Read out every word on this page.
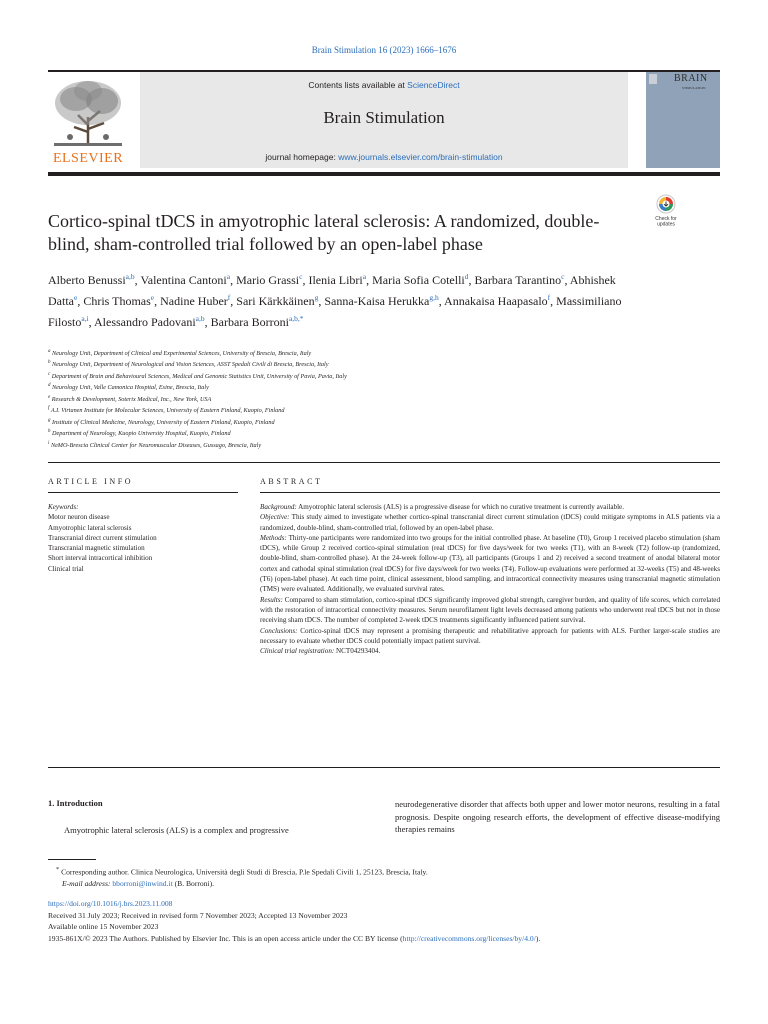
Brain Stimulation 16 (2023) 1666–1676
ELSEVIER
Contents lists available at ScienceDirect
Brain Stimulation
journal homepage: www.journals.elsevier.com/brain-stimulation
BRAIN
STIMULATION
Cortico-spinal tDCS in amyotrophic lateral sclerosis: A randomized, double-blind, sham-controlled trial followed by an open-label phase
Check for
updates
Alberto Benussi$^{a,b}$, Valentina Cantoni$^a$, Mario Grassi$^c$, Ilenia Libri$^a$, Maria Sofia Cotelli$^d$, Barbara Tarantino$^c$, Abhishek Datta$^e$, Chris Thomas$^e$, Nadine Huber$^f$, Sari Kärkkäinen$^g$, Sanna-Kaisa Herukka$^{g,h}$, Annakaisa Haapasalo$^f$, Massimiliano Filosto$^{a,i}$, Alessandro Padovani$^{a,b}$, Barbara Borroni$^{a,b,*}$
$^a$ Neurology Unit, Department of Clinical and Experimental Sciences, University of Brescia, Brescia, Italy
$^b$ Neurology Unit, Department of Neurological and Vision Sciences, ASST Spedali Civili di Brescia, Brescia, Italy
$^c$ Department of Brain and Behavioural Sciences, Medical and Genomic Statistics Unit, University of Pavia, Pavia, Italy
$^d$ Neurology Unit, Valle Camonica Hospital, Esine, Brescia, Italy
$^e$ Research & Development, Soterix Medical, Inc., New York, USA
$^f$ A.I. Virtanen Institute for Molecular Sciences, University of Eastern Finland, Kuopio, Finland
$^g$ Institute of Clinical Medicine, Neurology, University of Eastern Finland, Kuopio, Finland
$^h$ Department of Neurology, Kuopio University Hospital, Kuopio, Finland
$^i$ NeMO-Brescia Clinical Center for Neuromuscular Diseases, Gussago, Brescia, Italy
ARTICLE INFO	ABSTRACT
Keywords:
Motor neuron disease
Amyotrophic lateral sclerosis
Transcranial direct current stimulation
Transcranial magnetic stimulation
Short interval intracortical inhibition
Clinical trial
Background: Amyotrophic lateral sclerosis (ALS) is a progressive disease for which no curative treatment is currently available.
Objective: This study aimed to investigate whether cortico-spinal transcranial direct current stimulation (tDCS) could mitigate symptoms in ALS patients via a randomized, double-blind, sham-controlled trial, followed by an open-label phase.
Methods: Thirty-one participants were randomized into two groups for the initial controlled phase. At baseline (T0), Group 1 received placebo stimulation (sham tDCS), while Group 2 received cortico-spinal stimulation (real tDCS) for five days/week for two weeks (T1), with an 8-week (T2) follow-up (randomized, double-blind, sham-controlled phase). At the 24-week follow-up (T3), all participants (Groups 1 and 2) received a second treatment of anodal bilateral motor cortex and cathodal spinal stimulation (real tDCS) for five days/week for two weeks (T4). Follow-up evaluations were performed at 32-weeks (T5) and 48-weeks (T6) (open-label phase). At each time point, clinical assessment, blood sampling, and intracortical connectivity measures using transcranial magnetic stimulation (TMS) were evaluated. Additionally, we evaluated survival rates.
Results: Compared to sham stimulation, cortico-spinal tDCS significantly improved global strength, caregiver burden, and quality of life scores, which correlated with the restoration of intracortical connectivity measures. Serum neurofilament light levels decreased among patients who underwent real tDCS but not in those receiving sham tDCS. The number of completed 2-week tDCS treatments significantly influenced patient survival.
Conclusions: Cortico-spinal tDCS may represent a promising therapeutic and rehabilitative approach for patients with ALS. Further larger-scale studies are necessary to evaluate whether tDCS could potentially impact patient survival.
Clinical trial registration: NCT04293404.
1. Introduction
Amyotrophic lateral sclerosis (ALS) is a complex and progressive
neurodegenerative disorder that affects both upper and lower motor neurons, resulting in a fatal prognosis. Despite ongoing research efforts, the development of effective disease-modifying therapies remains
* Corresponding author. Clinica Neurologica, Università degli Studi di Brescia, P.le Spedali Civili 1, 25123, Brescia, Italy.
E-mail address: bborroni@inwind.it (B. Borroni).
https://doi.org/10.1016/j.brs.2023.11.008
Received 31 July 2023; Received in revised form 7 November 2023; Accepted 13 November 2023
Available online 15 November 2023
1935-861X/© 2023 The Authors. Published by Elsevier Inc. This is an open access article under the CC BY license (http://creativecommons.org/licenses/by/4.0/).
